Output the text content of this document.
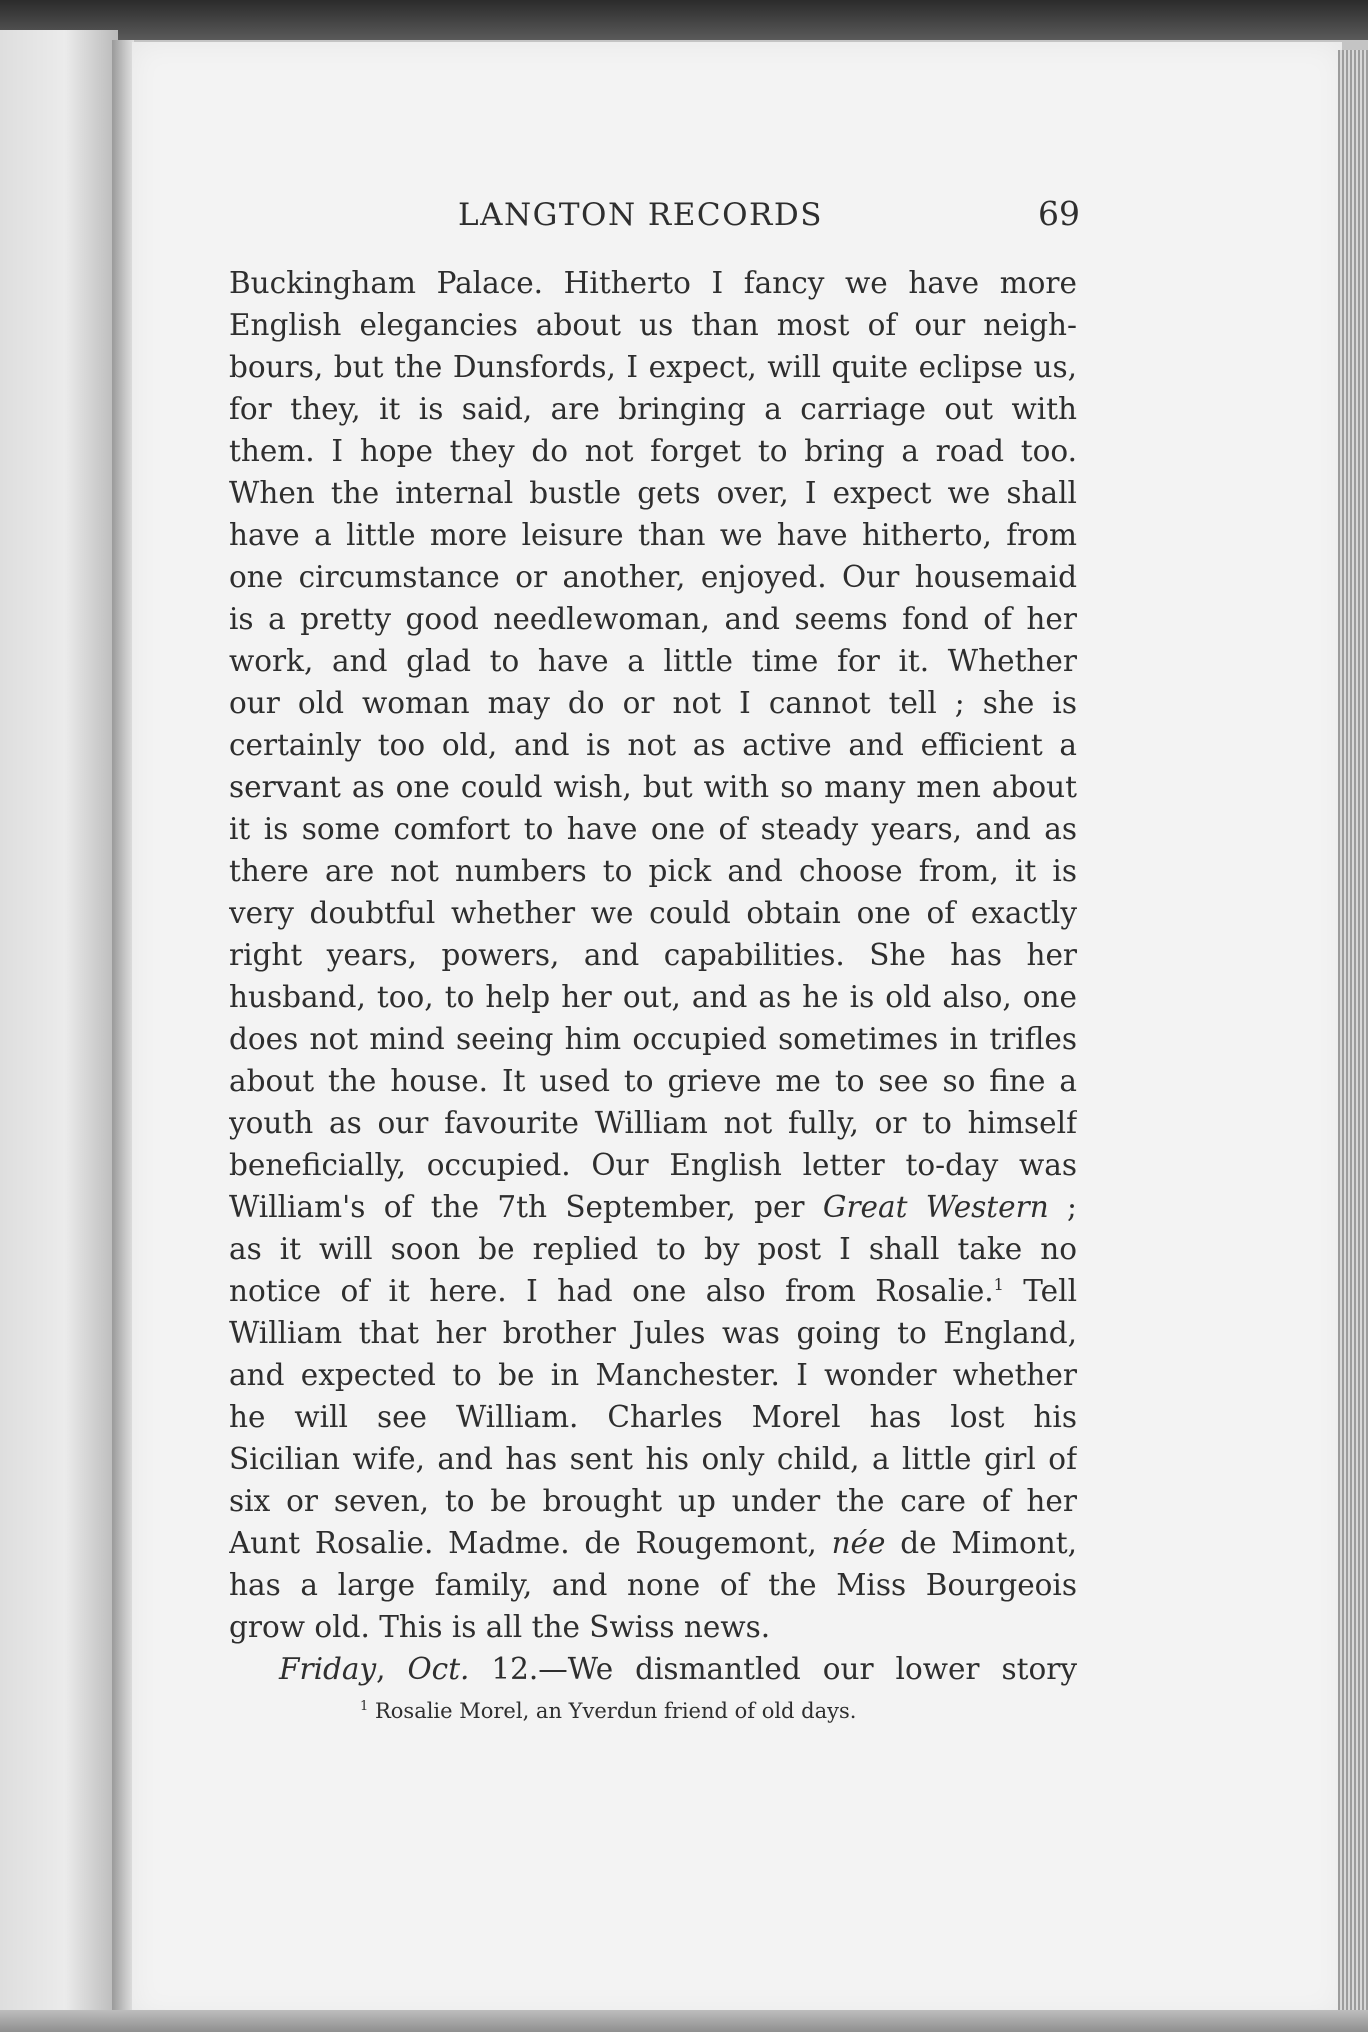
LANGTON RECORDS	69
Buckingham Palace. Hitherto I fancy we have more
English elegancies about us than most of our neigh-
bours, but the Dunsfords, I expect, will quite eclipse us,
for they, it is said, are bringing a carriage out with
them. I hope they do not forget to bring a road too.
When the internal bustle gets over, I expect we shall
have a little more leisure than we have hitherto, from
one circumstance or another, enjoyed. Our housemaid
is a pretty good needlewoman, and seems fond of her
work, and glad to have a little time for it. Whether
our old woman may do or not I cannot tell ; she is
certainly too old, and is not as active and efficient a
servant as one could wish, but with so many men about
it is some comfort to have one of steady years, and as
there are not numbers to pick and choose from, it is
very doubtful whether we could obtain one of exactly
right years, powers, and capabilities. She has her
husband, too, to help her out, and as he is old also, one
does not mind seeing him occupied sometimes in trifles
about the house. It used to grieve me to see so fine a
youth as our favourite William not fully, or to himself
beneficially, occupied. Our English letter to-day was
William's of the 7th September, per Great Western ;
as it will soon be replied to by post I shall take no
notice of it here. I had one also from Rosalie.$^1$ Tell
William that her brother Jules was going to England,
and expected to be in Manchester. I wonder whether
he will see William. Charles Morel has lost his
Sicilian wife, and has sent his only child, a little girl of
six or seven, to be brought up under the care of her
Aunt Rosalie. Madme. de Rougemont, née de Mimont,
has a large family, and none of the Miss Bourgeois
grow old. This is all the Swiss news.
Friday, Oct. 12.—We dismantled our lower story
$^1$ Rosalie Morel, an Yverdun friend of old days.
